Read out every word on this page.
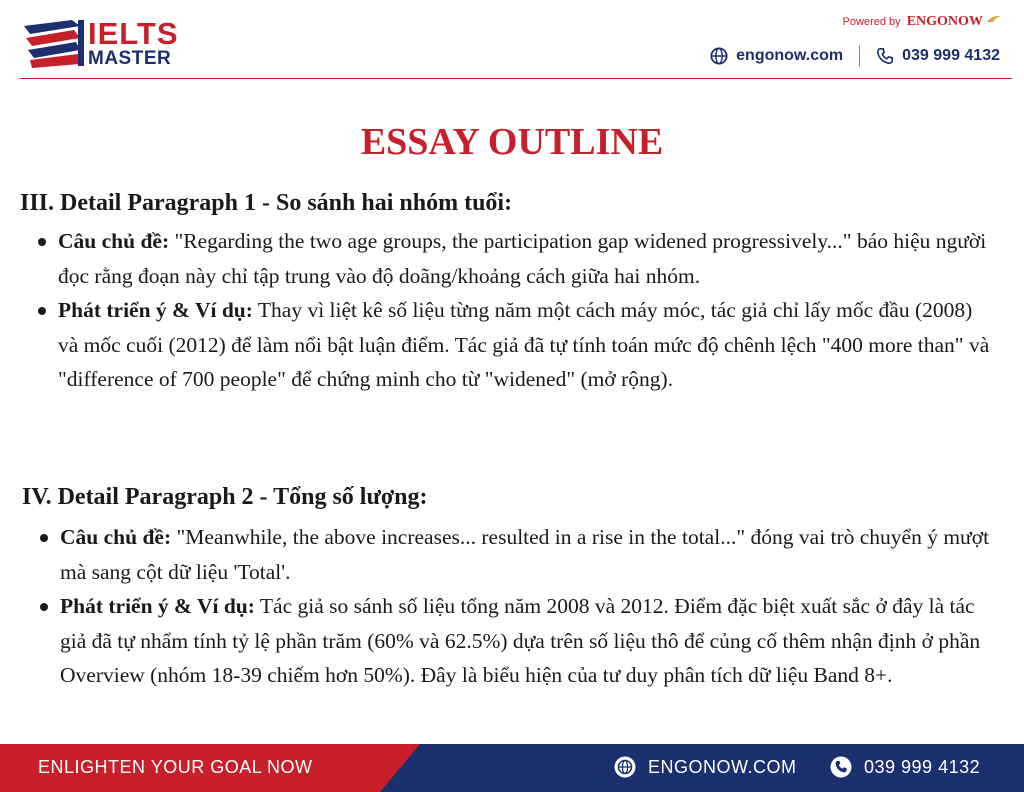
IELTS
MASTER
Powered by ENGONOW
engonow.com	039 999 4132
ESSAY OUTLINE
III. Detail Paragraph 1 - So sánh hai nhóm tuổi:
Câu chủ đề: "Regarding the two age groups, the participation gap widened progressively..." báo hiệu người đọc rằng đoạn này chỉ tập trung vào độ doãng/khoảng cách giữa hai nhóm.
Phát triển ý & Ví dụ: Thay vì liệt kê số liệu từng năm một cách máy móc, tác giả chỉ lấy mốc đầu (2008) và mốc cuối (2012) để làm nổi bật luận điểm. Tác giả đã tự tính toán mức độ chênh lệch "400 more than" và "difference of 700 people" để chứng minh cho từ "widened" (mở rộng).
IV. Detail Paragraph 2 - Tổng số lượng:
Câu chủ đề: "Meanwhile, the above increases... resulted in a rise in the total..." đóng vai trò chuyển ý mượt mà sang cột dữ liệu 'Total'.
Phát triển ý & Ví dụ: Tác giả so sánh số liệu tổng năm 2008 và 2012. Điểm đặc biệt xuất sắc ở đây là tác giả đã tự nhẩm tính tỷ lệ phần trăm (60% và 62.5%) dựa trên số liệu thô để củng cố thêm nhận định ở phần Overview (nhóm 18-39 chiếm hơn 50%). Đây là biểu hiện của tư duy phân tích dữ liệu Band 8+.
ENLIGHTEN YOUR GOAL NOW	ENGONOW.COM	039 999 4132
